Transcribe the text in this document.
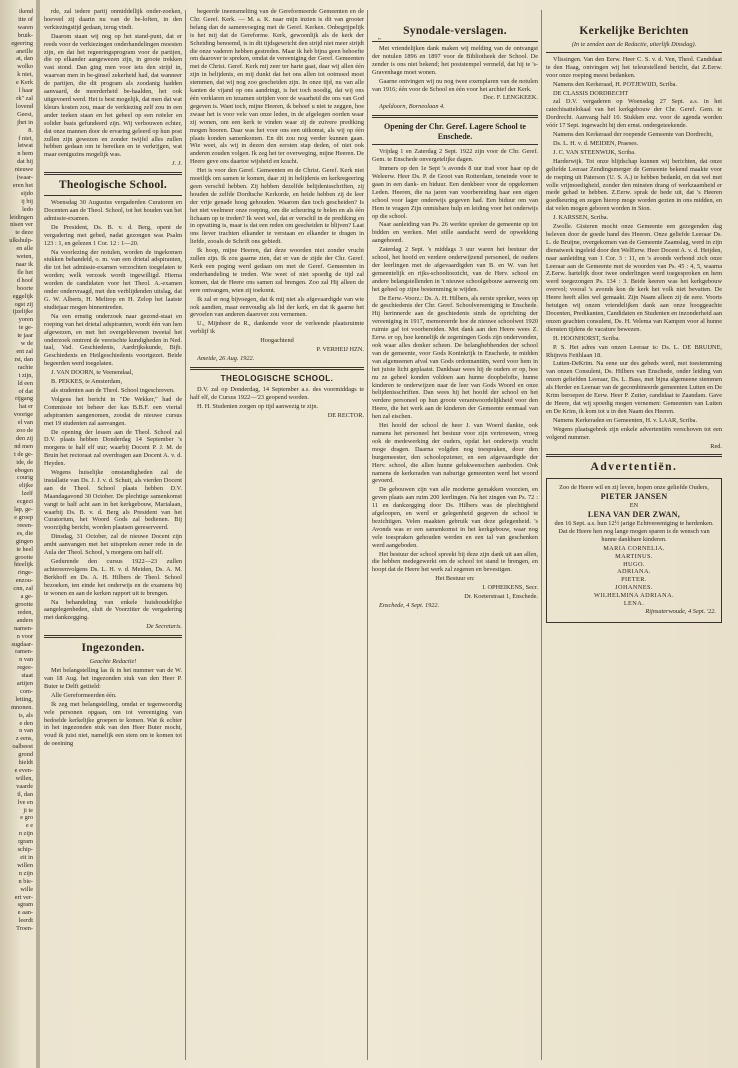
ikend
itte of
waren
bruik-
egeering
aneille
at, dan
wolko
k niet,
e Kerk
l haar
rk" zal
lovend
Geest,
jhet in
8.
f niet,
letwat
n hem
dat hij
nieuwe
(waar-
eren het
sijdo
ij bij
ledo
leidingen
nisen ver
te deze
ulkshulp-
en alle
weten,
naar ik
fle het
d hoof
boorte
eggelijk
ogst zij
ijzelijke
yoren
te ge-
te jaar
w de
ent zal
rst, dan
rachte
t zijn,
ld een
of dat
rijgang
hat er
voorige
el van
zoo de
den zij
nd men
t de ge-
ide, de
ebogen
courig
elijke
lzelf
ecgezi
lap, ge-
e groep
reeen-
es, die
gingen
ie heel
grootte
hteelijk
ringe-
enzou-
cnn, zal
a ge-
grootte
reden,
anders
namen-
n voor
sugdaar-
ramen-
n van
regee-
staat
artijen
com-
letting,
mnonen.
is, als
e den
n van
z eens,
oalbeest
grond
hieldt
e even-
willen,
vaarde
il, dan
lve en
ji te
e gro
e e
n zijn
rgram
schip-
eit in
willen
n zijn
n bie-
wille
ert ver-
sgram
e aan-
leerdt
Troen-
"

rde, zal iedere partij onmiddellijk onder-zoeken, hoeveel zij daarin nu van de be-loften, in den verkiezingstijd gedaan, terug vindt.

Daarom staan wij nog op het stand-punt, dat er reeds voor de verkiezingen onderhandelingen moesten zijn, en dat het regeeringsprogram voor de partijen, die op elkander aangewezen zijn, in groote trekken vast stond. Dan ging men voor iets den strijd in, waarvan men in be-ginsel zekerheid had, dat wanneer de partijen, die dit program als zoodanig hadden aanvaard, de meerderheid be-haalden, het ook uitgevoerd werd. Het is best mogelijk, dat men dat wat kleurs kosten zou, maar de verkiezing zelf zou in een ander teeken staan en het geheel op een reëeler en solider basis gefundeerd zijn. Wij verbouwen echter, dat onze mannen door de ervaring geleerd op hun post zullen zijn gewezen en zonder twijfel alles zullen hebben gedaan om te bereiken en te verkrijgen, wat maar eenigszins mogelijk was.

J. J.

Theologische School.

Woensdag 30 Augustus vergaderden Curatoren en Docenten aan de Theol. School, tot het houden van het admissie-examen.

De President, Ds. B. v. d. Berg, opent de vergadering met gebed, nadat gezongen was Psalm 123 : 1, en gelezen 1 Cor. 12 : 1—20.

Na voorlezing der notulen, worden de ingekomen stukken behandeld, o. m. van een drietal adspiranten, die tot het admissie-examen verzochten toegelaten te worden; welk verzoek wordt ingewilligd. Hierna worden de candidaten voor het Theol. A.-examen onder ondervraagd, met den verblijdenden uitslag, dat G. W. Alberts, H. Meltrop en H. Zelop het laatste studiejaar mogen binnentreden.

Na een ernstig onderzoek naar gezond-staat en roeping van het drietal adspiranten, wordt één van hen afgewezen, en met het overgeblevenen tweetal het onderzoek omtrent de vereischte kundigheden in Ned. taal, Vad. Geschiedenis, Aardrijkskunde, Bijb. Geschiedenis en Heilgeschiedenis voortgezet. Beide begeerden werd toegelaten.

J. VAN DOORN, te Veenendaal,

B. PEKKES, te Amsterdam,

als studenten aan de Theol. School ingeschreven.

Volgens het bericht in "De Wekker," had de Commissie tot beheer der kas B.B.F. een viertal adspiranten aangenomen, zoodat de nieuwe cursus met 19 studenten zal aanvangen.

De opening der lessen aan de Theol. School zal D.V. plaats hebben Donderdag 14 September 's morgens te half elf uur; waarbij Docent P. J. M. de Bruin het rectoraat zal overdragen aan Docent A. v. d. Heyden.

Wegens huiselijke omstandigheden zal de installatie van Ds. J. J. v. d. Schuit, als vierden Docent aan de Theol. School plaats hebben D.V. Maandagavond 30 October. De plechtige samenkomst vangt te half acht aan in het kerkgebouw, Marialaan, waarbij Ds. B. v. d. Berg als President van het Curatorium, het Woord Gods zal bedienen. Bij voorzijdig bericht, worden plaatsen gereserveerd.

Dinsdag, 31 October, zal de nieuwe Docent zijn ambt aanvangen met het uitspreken eener rede in de Aula der Theol. School, 's morgens om half elf.

Gedurende den cursus 1922—23 zullen achtereenvolgens Ds. L. H. v. d. Meiden, Ds. A. M. Berkhoff en Ds. A. H. Hilbers de Theol. School bezoeken, ten einde het onderwijs en de examens bij te wonen en aan de kerken rapport uit te brengen.

Na behandeling van enkele huishoudelijke aangelegenheden, sluit de Voorzitter de vergadering met dankzegging.

De Secretaris.

Ingezonden.

Geachte Redactie!

Met belangstelling las ik in het nummer van de W. van 18 Aug. het ingezonden stuk van den Heer P. Buter te Delft getiteld:

Alle Gereformeerden één.

Ik zeg met belangstelling, omdat er tegenwoordig vele personen opgaan, om tot vereeniging van bedoelde kerkelijke groepen te komen. Wat ik echter in het ingezonden stuk van den Heer Buter mocht, voud ik juist niet, namelijk een stem om te komen tot de oeeining

begeerde ineensmelting van de Gereformeerde Gemeenten en de Chr. Geref. Kerk. — M. a. K. naar mijn inzien is dit van grooter belang dan de samenvoeging met de Geref. Kerken. Onbegrijpelijk is het mij dat de Gereforme. Kerk, gewoonlijk als de kerk der Scheiding benoemd, is in dit tijdsgewricht den strijd niet meer strijdt die onze vaderen hebben gestreden. Maar ik heb bijna geen behoefte om daarover te spreken, omdat de vereeniging der Geref. Gemeenten met de Christ. Geref. Kerk mij zeer ter harte gaat, daar wij allen één zijn in belijdenis, en mij dunkt dat het ons allen tot ootmoed moet stemmen, dat wij nog zoo gescheiden zijn. In onze tijd, nu van alle kanten de vijand op ons aandringt, is het toch noodig, dat wij ons één verklaren en tezamen strijden voor de waarheid die ons van God gegeven is. Want toch, mijne Heeren, ik behoef u niet te zeggen, hoe zwaar het is voor vele van onze leden, in de afgelegen oorden waar zij wonen, om een kerk te vinden waar zij de zuivere prediking mogen hooren. Daar was het voor ons een uitkomst, als wij op één plaats konden samenkomen. En dit zou nog verder kunnen gaan. Wie weet, als wij in dezen den eersten stap deden, of niet ook anderen zouden volgen. Ik zeg het ter overweging, mijne Heeren. De Heere geve ons daartoe wijsheid en kracht.

Het is voor den Geref. Gemeenten en de Christ. Geref. Kerk niet moeilijk om samen te komen, daar zij in belijdenis en kerkregeering geen verschil hebben. Zij hebben dezelfde belijdenisschriften, zij houden de zelfde Dordtsche Kerkorde, en beide hebben zij de leer der vrije genade hoog gehouden. Waarom dan toch gescheiden? Is het niet veelmeer onze roeping, om die scheuring te helen en als één lichaam op te treden? Ik weet wel, dat er verschil in de prediking en in opvatting is, maar is dat een reden om gescheiden te blijven? Laat ons liever trachten elkander te verstaan en elkander te dragen in liefde, zooals de Schrift ons gebiedt.

Ik hoop, mijne Heeren, dat deze woorden niet zonder vrucht zullen zijn. Ik zou gaarne zien, dat er van de zijde der Chr. Geref. Kerk een poging werd gedaan om met de Geref. Gemeenten in onderhandeling te treden. Wie weet of niet spoedig de tijd zal komen, dat de Heere ons samen zal brengen. Zoo zal Hij alleen de eere ontvangen, wien zij toekomt.

Ik zal er nog bijvoegen, dat ik mij niet als afgevaardigde van wie ook aandien, maar eenvoudig als lid der kerk, en dat ik gaarne het gevoelen van anderen daarover zou vernemen.

U., Mijnheer de R., dankende voor de verleende plaatsruimte verblijf ik

Hoogachtend

P. VERHEIJ HZN.

Ameide, 26 Aug. 1922.

THEOLOGISCHE SCHOOL.

D.V. zal op Donderdag, 14 September a.s. des voormiddags te half elf, de Cursus 1922—'23 geopend worden.

H. H. Studenten zorgen op tijd aanwezig te zijn.

DE RECTOR.

Synodale-verslagen.

Met vriendelijken dank maken wij melding van de ontvangst der notulen 1896 en 1897 voor de Bibliotheek der School. De zender is ons niet bekend; het poststempel vermeld, dat hij te 's-Gravenhage moet wonen.

Gaarne ontvingen wij nu nog twee exemplaren van de notulen van 1916; één voor de School en één voor het archief der Kerk.

Doc. F. LENGKEEK.

Apeldoorn, Borneolaan 4.

Opening der Chr. Geref. Lagere School te Enschede.

Vrijdag 1 en Zaterdag 2 Sept. 1922 zijn voor de Chr. Geref. Gem. te Enschede onvergetelijke dagen.

Immers op den 1e Sept 's avonds 8 uur trad voor haar op de Weleerw. Heer Ds. P. de Groot van Rotterdam, teneinde voor te gaan in een dank- en biduur. Een denkbeer voor de opgekomen Leden. Heeren, die na jaren van voorbereiding haar een eigen school voor lager onderwijs gegeven had. Een biduur om van Hem te vragen Zijn onmisbare hulp en leiding voor het onderwijs op die school.

Naar aanleiding van Ps. 26 werkte spreker de gemeente op tot bidden en werken. Met stille aandacht werd de opwekking aangehoord.

Zaterdag 2 Sept. 's middags 3 uur waren het bestuur der school, het hoofd en verdere onderwijzend personeel, de ouders der leerlingen met de afgevaardigden van B. en W. van het gemeentelijk en rijks-schooltoezicht, van de Herv. school en andere belangstellenden in 't nieuwe schoolgebouw aanwezig om het geheel op zijne bestemming te wijden.

De Eerw.-Voorz.: Ds. A. H. Hilbers, als eerste spreker, wees op de geschiedenis der Chr. Geref. Schoolvereeniging te Enschede. Hij herinnerde aan de geschiedenis sinds de oprichting der vereeniging in 1917, memoreerde hoe de nieuwe schoolwet 1920 ruimte gaf tot voorbereiden. Met dank aan den Heere wees Z. Eerw. er op, hoe kennelijk de zegeningen Gods zijn ondervonden, ook waar alles donker scheen. De belanghebbenden der school van de gemeente, voor Gods Koninkrijk in Enschede, te midden van algemeenen afval van Gods ordonnantiën, werd voor hem in het juiste licht geplaatst. Dankbaar wees hij de ouders er op, hoe nu ze geheel konden voldoen aan hunne doopbelofte, hunne kinderen te onderwijzen naar de leer van Gods Woord en onze belijdenisschriften. Dan wees hij het hoofd der school en het verdere personeel op hun groote verantwoordelijkheid voor den Heere, die het werk aan de kinderen der Gemeente eenmaal van hen zal eischen.

Het hoofd der school de heer J. van Woerd dankte, ook namens het personeel het bestuur voor zijn vertrouwen, vroeg ook de medewerking der ouders, opdat het onderwijs vrucht moge dragen. Daarna volgden nog toespraken, door den burgemeester, den schoolopziener, en een afgevaardigde der Herv. school, die allen hunne gelukwenschen aanboden. Ook namens de kerkeraden van naburige gemeenten werd het woord gevoerd.

De gebouwen zijn van alle moderne gemakken voorzien, en geven plaats aan ruim 200 leerlingen. Na het zingen van Ps. 72 : 11 en dankzegging door Ds. Hilbers was de plechtigheid afgeloopen, en werd er gelegenheid gegeven de school te bezichtigen. Velen maakten gebruik van deze gelegenheid. 's Avonds was er een samenkomst in het kerkgebouw, waar nog vele toespraken gehouden werden en een tal van geschenken werd aangeboden.

Het bestuur der school spreekt bij deze zijn dank uit aan allen, die hebben medegewerkt om de school tot stand te brengen, en hoopt dat de Heere het werk zal zegenen en bevestigen.

Het Bestuur en:

I. OPHEIKENS, Secr.

Dr. Koeterstraat 1, Enschede.

Enschede, 4 Sept. 1922.

Kerkelijke Berichten

(In te zenden aan de Redactie, uiterlijk Dinsdag).

Vlissingen. Van den Eerw. Heer C. S. v. d. Ven, Theol. Candidaat te den Haag, ontvingen wij het teleurstellend bericht, dat Z.Eerw. voor onze roeping meest bedanken.

Namens den Kerkeraad, H. POTJEWIJD, Scriba.

DE CLASSIS DORDRECHT

zal D.V. vergaderen op Woensdag 27 Sept. a.s. in het catechisatielokaal van het kerkgebouw der Chr. Geref. Gem. te Dordrecht. Aanvang half 10. Stukken enz. voor de agenda worden vóór 17 Sept. ingewacht bij den ernst. ondergeteekende.

Namens den Kerkeraad der roepende Gemeente van Dordrecht,

Ds. L. H. v. d. MEIDEN, Praeses.

J. C. VAN STEENWIJK, Scriba.

Harderwijk. Tot onze blijdschap kunnen wij berichten, dat onze geliefde Leeraar Zendingsmerger de Gemeente bekend maakte voor de roeping uit Paterson (U. S. A.) te hebben bedankt, en dat wel met volle vrijmoedigheid, zonder den minsten drang of werkzaamheid er mede gehad te hebben. Z.Eerw. sprak de bede uit, dat 's Heeren goedkeuring en zegen hierop moge worden gezien in ons midden, en dat velen mogen geboren worden in Sion.

J. KARSSEN, Scriba.

Zwolle. Gisteren mocht onze Gemeente een gezegenden dag beleven door de goede hand des Heeren. Onze geliefde Leeraar Ds. L. de Bruijne, overgekomen van de Gemeente Zaamslag, werd in zijn dienstwerk ingeleid door den WelEerw. Heer Docent A. v. d. Heijden, naar aanleiding van 1 Cor. 3 : 11, en 's avonds verbond zich onze Leeraar aan de Gemeente met de woorden van Ps. 45 : 4, 5, waarna Z.Eerw. hartelijk door twee onderlingen werd toegesproken en hem werd toegezongen Ps. 134 : 3. Beide keeren was het kerkgebouw overvol; vooral 's avonds kon de kerk het volk niet bevatten. De Heere heeft alles wel gemaakt. Zijn Naam alleen zij de eere. Voorts betuigen wij onzen vriendelijken dank aan onze hooggeachte Docenten, Predikanten, Candidaten en Studenten en inzonderheid aan onzen geachten consulent, Ds. H. Velema van Kampen voor al hunne diensten tijdens de vacature bewezen.

H. HOONHORST, Scriba.

P. S. Het adres van onzen Leeraar is: Ds. L. DE BRUIJNE, Rhijnvis Feithlaan 18.

Lutten-DeKrim. Na eene uur des gebeds werd, met toestemming van onzen Consulent, Ds. Hilbers van Enschede, onder leiding van onzen geliefden Leeraar, Ds. L. Bass, met bijna algemeene stemmen als Herder en Leeraar van de gecombineerde gemeenten Lutten en De Krim beroepen de Eerw. Heer P. Zuiter, candidaat te Zaandam. Gave de Heere, dat wij spoedig mogen vernemen: Gemeenten van Lutten en De Krim, ik kom tot u in den Naam des Heeren.

Namens Kerkeraden en Gemeenten, H. v. LAAR, Scriba.

Wegens plaatsgebrek zijn enkele advertentiën verschoven tot een volgend nummer.

Red.

Advertentiën.

Zoo de Heere wil en zij leven, hopen onze geliefde Ouders,

PIETER JANSEN

EN

LENA VAN DER ZWAN,

den 16 Sept. a.s. hun 12½ jarige Echtvereeniging te herdenken. Dat de Heere hen nog lange mogen sparen is de wensch van hunne dankbare kinderen.

MARIA CORNELIA.
MARTINUS.
HUGO.
ADRIANA.
PIETER.
JOHANNES.
WILHELMINA ADRIANA.
LENA.

Rijnsaterwoude, 4 Sept. '22.
